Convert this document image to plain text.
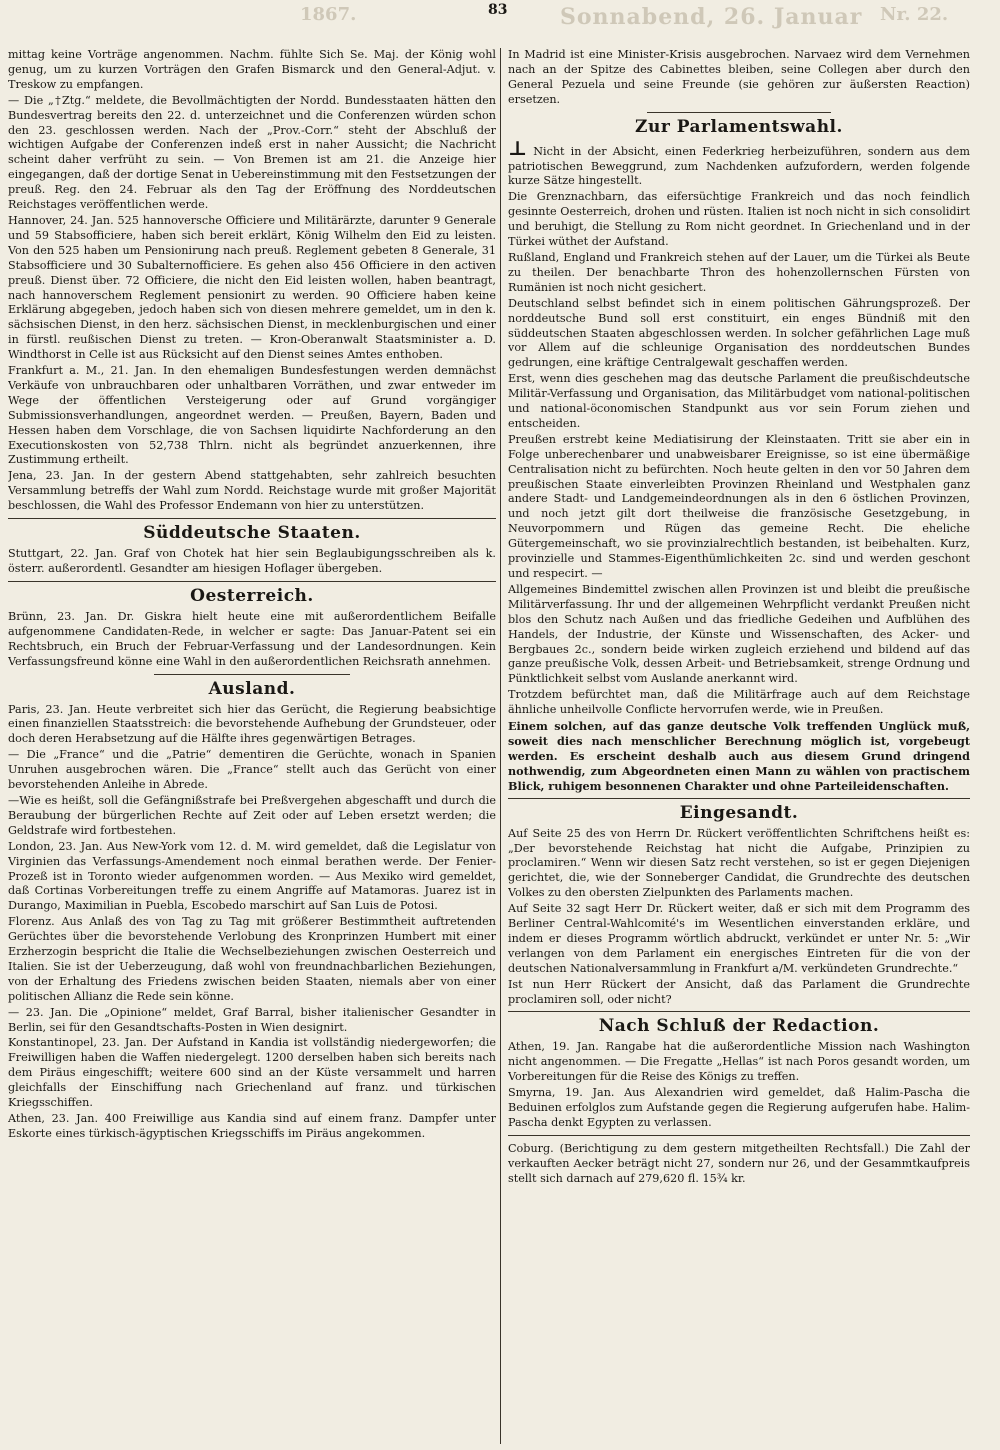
1867.	83 Sonnabend, 26. Januar Nr. 22.

mittag keine Vorträge angenommen. Nachm. fühlte Sich Se. Maj. der König wohl genug, um zu kurzen Vorträgen den Grafen Bismarck und den General-Adjut. v. Treskow zu empfangen.

— Die „†Ztg.“ meldete, die Bevollmächtigten der Nordd. Bundesstaaten hätten den Bundesvertrag bereits den 22. d. unterzeichnet und die Conferenzen würden schon den 23. geschlossen werden. Nach der „Prov.-Corr.“ steht der Abschluß der wichtigen Aufgabe der Conferenzen indeß erst in naher Aussicht; die Nachricht scheint daher verfrüht zu sein. — Von Bremen ist am 21. die Anzeige hier eingegangen, daß der dortige Senat in Uebereinstimmung mit den Festsetzungen der preuß. Reg. den 24. Februar als den Tag der Eröffnung des Norddeutschen Reichstages veröffentlichen werde.

Hannover, 24. Jan. 525 hannoversche Officiere und Militärärzte, darunter 9 Generale und 59 Stabsofficiere, haben sich bereit erklärt, König Wilhelm den Eid zu leisten. Von den 525 haben um Pensionirung nach preuß. Reglement gebeten 8 Generale, 31 Stabsofficiere und 30 Subalternofficiere. Es gehen also 456 Officiere in den activen preuß. Dienst über. 72 Officiere, die nicht den Eid leisten wollen, haben beantragt, nach hannoverschem Reglement pensionirt zu werden. 90 Officiere haben keine Erklärung abgegeben, jedoch haben sich von diesen mehrere gemeldet, um in den k. sächsischen Dienst, in den herz. sächsischen Dienst, in mecklenburgischen und einer in fürstl. reußischen Dienst zu treten. — Kron-Oberanwalt Staatsminister a. D. Windthorst in Celle ist aus Rücksicht auf den Dienst seines Amtes enthoben.

Frankfurt a. M., 21. Jan. In den ehemaligen Bundesfestungen werden demnächst Verkäufe von unbrauchbaren oder unhaltbaren Vorräthen, und zwar entweder im Wege der öffentlichen Versteigerung oder auf Grund vorgängiger Submissionsverhandlungen, angeordnet werden. — Preußen, Bayern, Baden und Hessen haben dem Vorschlage, die von Sachsen liquidirte Nachforderung an den Executionskosten von 52,738 Thlrn. nicht als begründet anzuerkennen, ihre Zustimmung ertheilt.

Jena, 23. Jan. In der gestern Abend stattgehabten, sehr zahlreich besuchten Versammlung betreffs der Wahl zum Nordd. Reichstage wurde mit großer Majorität beschlossen, die Wahl des Professor Endemann von hier zu unterstützen.

Süddeutsche Staaten.

Stuttgart, 22. Jan. Graf von Chotek hat hier sein Beglaubigungsschreiben als k. österr. außerordentl. Gesandter am hiesigen Hoflager übergeben.

Oesterreich.

Brünn, 23. Jan. Dr. Giskra hielt heute eine mit außerordentlichem Beifalle aufgenommene Candidaten-Rede, in welcher er sagte: Das Januar-Patent sei ein Rechtsbruch, ein Bruch der Februar-Verfassung und der Landesordnungen. Kein Verfassungsfreund könne eine Wahl in den außerordentlichen Reichsrath annehmen.

Ausland.

Paris, 23. Jan. Heute verbreitet sich hier das Gerücht, die Regierung beabsichtige einen finanziellen Staatsstreich: die bevorstehende Aufhebung der Grundsteuer, oder doch deren Herabsetzung auf die Hälfte ihres gegenwärtigen Betrages.

— Die „France“ und die „Patrie“ dementiren die Gerüchte, wonach in Spanien Unruhen ausgebrochen wären. Die „France“ stellt auch das Gerücht von einer bevorstehenden Anleihe in Abrede.

—Wie es heißt, soll die Gefängnißstrafe bei Preßvergehen abgeschafft und durch die Beraubung der bürgerlichen Rechte auf Zeit oder auf Leben ersetzt werden; die Geldstrafe wird fortbestehen.

London, 23. Jan. Aus New-York vom 12. d. M. wird gemeldet, daß die Legislatur von Virginien das Verfassungs-Amendement noch einmal berathen werde. Der Fenier-Prozeß ist in Toronto wieder aufgenommen worden. — Aus Mexiko wird gemeldet, daß Cortinas Vorbereitungen treffe zu einem Angriffe auf Matamoras. Juarez ist in Durango, Maximilian in Puebla, Escobedo marschirt auf San Luis de Potosi.

Florenz. Aus Anlaß des von Tag zu Tag mit größerer Bestimmtheit auftretenden Gerüchtes über die bevorstehende Verlobung des Kronprinzen Humbert mit einer Erzherzogin bespricht die Italie die Wechselbeziehungen zwischen Oesterreich und Italien. Sie ist der Ueberzeugung, daß wohl von freundnachbarlichen Beziehungen, von der Erhaltung des Friedens zwischen beiden Staaten, niemals aber von einer politischen Allianz die Rede sein könne.

— 23. Jan. Die „Opinione“ meldet, Graf Barral, bisher italienischer Gesandter in Berlin, sei für den Gesandtschafts-Posten in Wien designirt.

Konstantinopel, 23. Jan. Der Aufstand in Kandia ist vollständig niedergeworfen; die Freiwilligen haben die Waffen niedergelegt. 1200 derselben haben sich bereits nach dem Piräus eingeschifft; weitere 600 sind an der Küste versammelt und harren gleichfalls der Einschiffung nach Griechenland auf franz. und türkischen Kriegsschiffen.

Athen, 23. Jan. 400 Freiwillige aus Kandia sind auf einem franz. Dampfer unter Eskorte eines türkisch-ägyptischen Kriegsschiffs im Piräus angekommen.

In Madrid ist eine Minister-Krisis ausgebrochen. Narvaez wird dem Vernehmen nach an der Spitze des Cabinettes bleiben, seine Collegen aber durch den General Pezuela und seine Freunde (sie gehören zur äußersten Reaction) ersetzen.

Zur Parlamentswahl.

⊥ Nicht in der Absicht, einen Federkrieg herbeizuführen, sondern aus dem patriotischen Beweggrund, zum Nachdenken aufzufordern, werden folgende kurze Sätze hingestellt.

Die Grenznachbarn, das eifersüchtige Frankreich und das noch feindlich gesinnte Oesterreich, drohen und rüsten. Italien ist noch nicht in sich consolidirt und beruhigt, die Stellung zu Rom nicht geordnet. In Griechenland und in der Türkei wüthet der Aufstand.

Rußland, England und Frankreich stehen auf der Lauer, um die Türkei als Beute zu theilen. Der benachbarte Thron des hohenzollernschen Fürsten von Rumänien ist noch nicht gesichert.

Deutschland selbst befindet sich in einem politischen Gährungsprozeß. Der norddeutsche Bund soll erst constituirt, ein enges Bündniß mit den süddeutschen Staaten abgeschlossen werden. In solcher gefährlichen Lage muß vor Allem auf die schleunige Organisation des norddeutschen Bundes gedrungen, eine kräftige Centralgewalt geschaffen werden.

Erst, wenn dies geschehen mag das deutsche Parlament die preußischdeutsche Militär-Verfassung und Organisation, das Militärbudget vom national-politischen und national-öconomischen Standpunkt aus vor sein Forum ziehen und entscheiden.

Preußen erstrebt keine Mediatisirung der Kleinstaaten. Tritt sie aber ein in Folge unberechenbarer und unabweisbarer Ereignisse, so ist eine übermäßige Centralisation nicht zu befürchten. Noch heute gelten in den vor 50 Jahren dem preußischen Staate einverleibten Provinzen Rheinland und Westphalen ganz andere Stadt- und Landgemeindeordnungen als in den 6 östlichen Provinzen, und noch jetzt gilt dort theilweise die französische Gesetzgebung, in Neuvorpommern und Rügen das gemeine Recht. Die eheliche Gütergemeinschaft, wo sie provinzialrechtlich bestanden, ist beibehalten. Kurz, provinzielle und Stammes-Eigenthümlichkeiten 2c. sind und werden geschont und respecirt. —

Allgemeines Bindemittel zwischen allen Provinzen ist und bleibt die preußische Militärverfassung. Ihr und der allgemeinen Wehrpflicht verdankt Preußen nicht blos den Schutz nach Außen und das friedliche Gedeihen und Aufblühen des Handels, der Industrie, der Künste und Wissenschaften, des Acker- und Bergbaues 2c., sondern beide wirken zugleich erziehend und bildend auf das ganze preußische Volk, dessen Arbeit- und Betriebsamkeit, strenge Ordnung und Pünktlichkeit selbst vom Auslande anerkannt wird.

Trotzdem befürchtet man, daß die Militärfrage auch auf dem Reichstage ähnliche unheilvolle Conflicte hervorrufen werde, wie in Preußen.

Einem solchen, auf das ganze deutsche Volk treffenden Unglück muß, soweit dies nach menschlicher Berechnung möglich ist, vorgebeugt werden. Es erscheint deshalb auch aus diesem Grund dringend nothwendig, zum Abgeordneten einen Mann zu wählen von practischem Blick, ruhigem besonnenen Charakter und ohne Parteileidenschaften.

Eingesandt.

Auf Seite 25 des von Herrn Dr. Rückert veröffentlichten Schriftchens heißt es: „Der bevorstehende Reichstag hat nicht die Aufgabe, Prinzipien zu proclamiren.“ Wenn wir diesen Satz recht verstehen, so ist er gegen Diejenigen gerichtet, die, wie der Sonneberger Candidat, die Grundrechte des deutschen Volkes zu den obersten Zielpunkten des Parlaments machen.

Auf Seite 32 sagt Herr Dr. Rückert weiter, daß er sich mit dem Programm des Berliner Central-Wahlcomité's im Wesentlichen einverstanden erkläre, und indem er dieses Programm wörtlich abdruckt, verkündet er unter Nr. 5: „Wir verlangen von dem Parlament ein energisches Eintreten für die von der deutschen Nationalversammlung in Frankfurt a/M. verkündeten Grundrechte.“

Ist nun Herr Rückert der Ansicht, daß das Parlament die Grundrechte proclamiren soll, oder nicht?

Nach Schluß der Redaction.

Athen, 19. Jan. Rangabe hat die außerordentliche Mission nach Washington nicht angenommen. — Die Fregatte „Hellas“ ist nach Poros gesandt worden, um Vorbereitungen für die Reise des Königs zu treffen.

Smyrna, 19. Jan. Aus Alexandrien wird gemeldet, daß Halim-Pascha die Beduinen erfolglos zum Aufstande gegen die Regierung aufgerufen habe. Halim-Pascha denkt Egypten zu verlassen.

Coburg. (Berichtigung zu dem gestern mitgetheilten Rechtsfall.) Die Zahl der verkauften Aecker beträgt nicht 27, sondern nur 26, und der Gesammtkaufpreis stellt sich darnach auf 279,620 fl. 15¾ kr.
